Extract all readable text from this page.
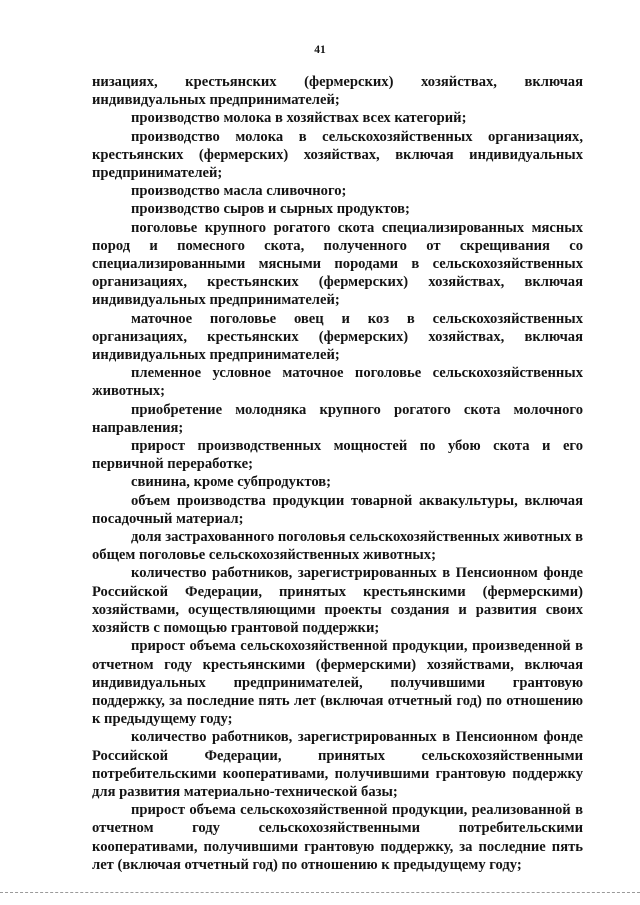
41

низациях, крестьянских (фермерских) хозяйствах, включая индивидуальных предпринимателей;

производство молока в хозяйствах всех категорий;

производство молока в сельскохозяйственных организациях, крестьянских (фермерских) хозяйствах, включая индивидуальных предпринимателей;

производство масла сливочного;

производство сыров и сырных продуктов;

поголовье крупного рогатого скота специализированных мясных пород и помесного скота, полученного от скрещивания со специализированными мясными породами в сельскохозяйственных организациях, крестьянских (фермерских) хозяйствах, включая индивидуальных предпринимателей;

маточное поголовье овец и коз в сельскохозяйственных организациях, крестьянских (фермерских) хозяйствах, включая индивидуальных предпринимателей;

племенное условное маточное поголовье сельскохозяйственных животных;

приобретение молодняка крупного рогатого скота молочного направления;

прирост производственных мощностей по убою скота и его первичной переработке;

свинина, кроме субпродуктов;

объем производства продукции товарной аквакультуры, включая посадочный материал;

доля застрахованного поголовья сельскохозяйственных животных в общем поголовье сельскохозяйственных животных;

количество работников, зарегистрированных в Пенсионном фонде Российской Федерации, принятых крестьянскими (фермерскими) хозяйствами, осуществляющими проекты создания и развития своих хозяйств с помощью грантовой поддержки;

прирост объема сельскохозяйственной продукции, произведенной в отчетном году крестьянскими (фермерскими) хозяйствами, включая индивидуальных предпринимателей, получившими грантовую поддержку, за последние пять лет (включая отчетный год) по отношению к предыдущему году;

количество работников, зарегистрированных в Пенсионном фонде Российской Федерации, принятых сельскохозяйственными потребительскими кооперативами, получившими грантовую поддержку для развития материально-технической базы;

прирост объема сельскохозяйственной продукции, реализованной в отчетном году сельскохозяйственными потребительскими кооперативами, получившими грантовую поддержку, за последние пять лет (включая отчетный год) по отношению к предыдущему году;
